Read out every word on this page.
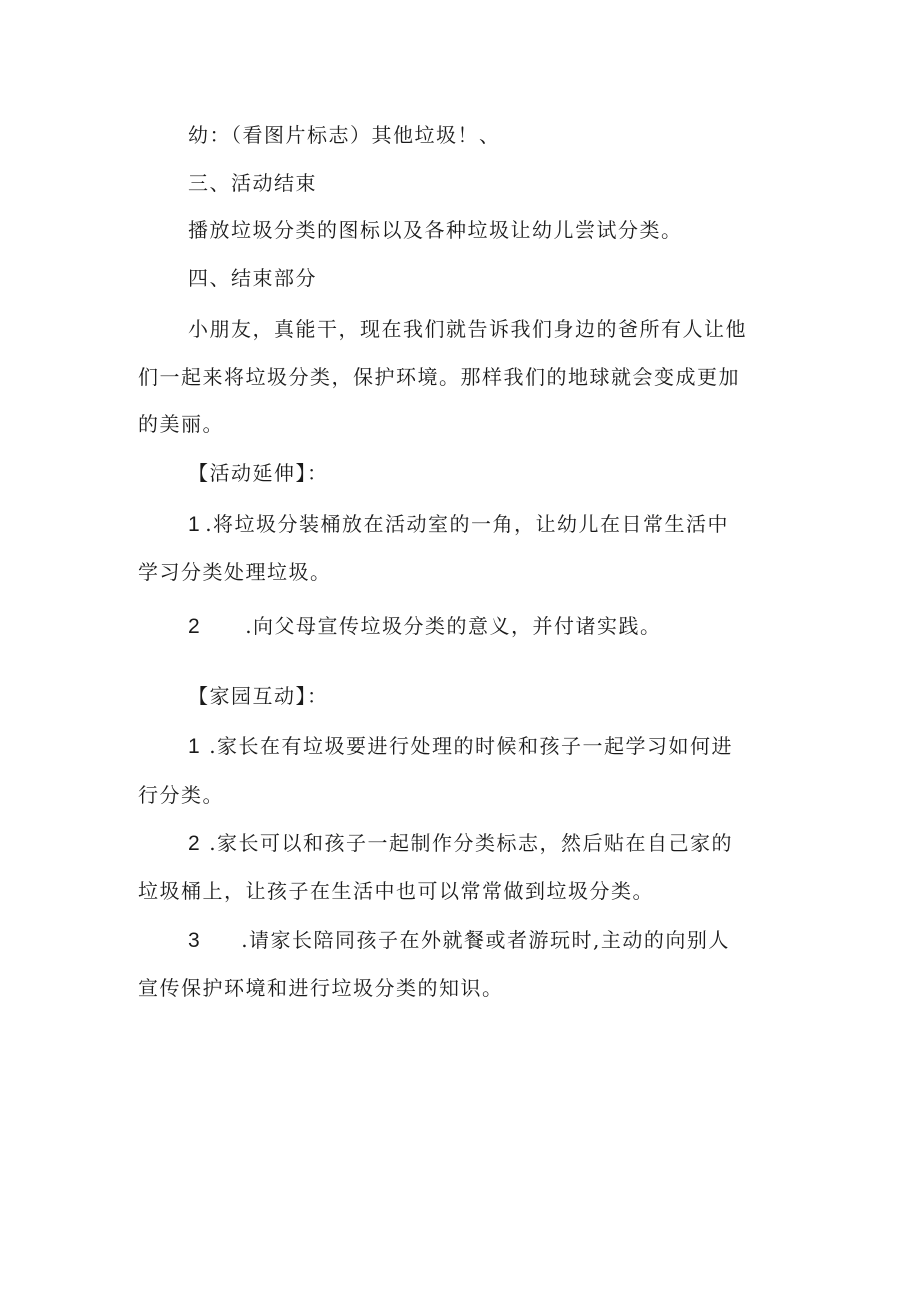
幼：（看图片标志）其他垃圾！、
三、活动结束
播放垃圾分类的图标以及各种垃圾让幼儿尝试分类。
四、结束部分
小朋友，真能干，现在我们就告诉我们身边的爸所有人让他
们一起来将垃圾分类，保护环境。那样我们的地球就会变成更加
的美丽。
【活动延伸】：
1 .将垃圾分装桶放在活动室的一角，让幼儿在日常生活中
学习分类处理垃圾。
2 .向父母宣传垃圾分类的意义，并付诸实践。
【家园互动】：
1 .家长在有垃圾要进行处理的时候和孩子一起学习如何进
行分类。
2 .家长可以和孩子一起制作分类标志，然后贴在自己家的
垃圾桶上，让孩子在生活中也可以常常做到垃圾分类。
3 .请家长陪同孩子在外就餐或者游玩时,主动的向别人
宣传保护环境和进行垃圾分类的知识。
